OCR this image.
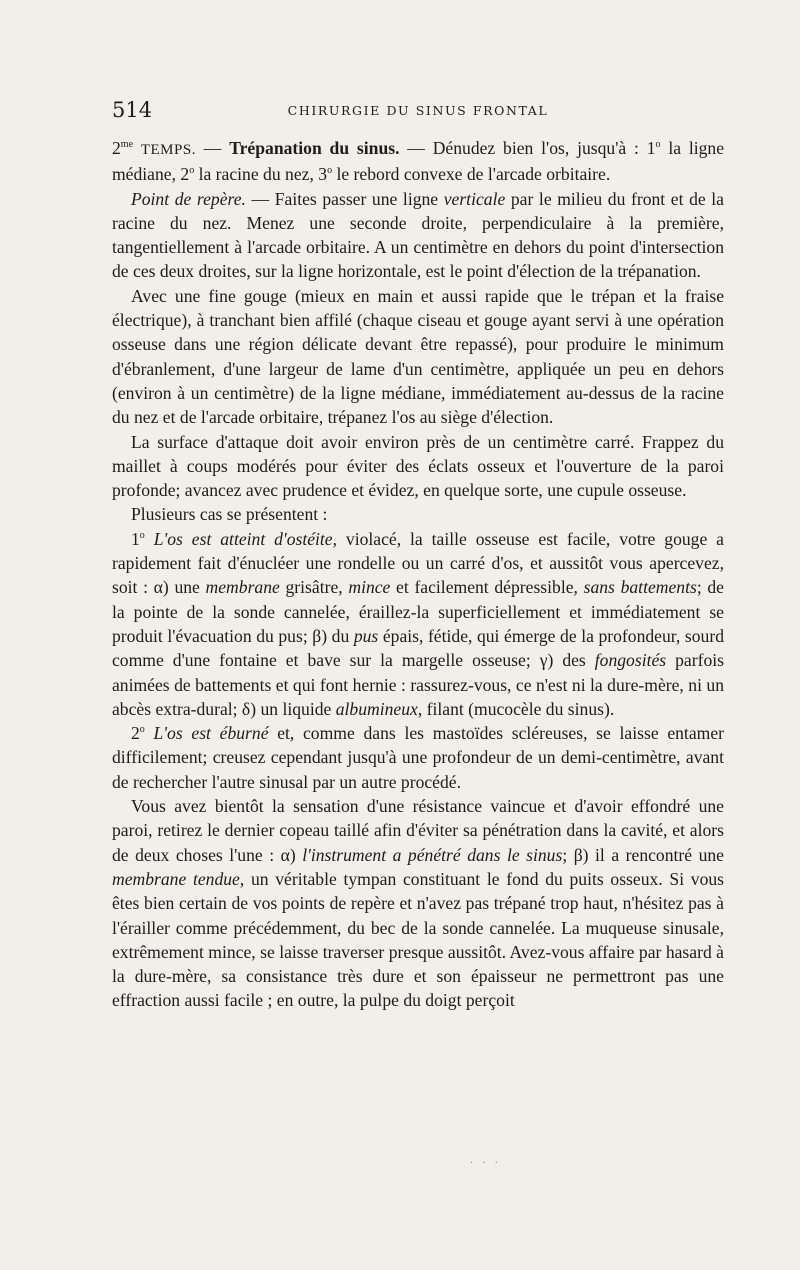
514	CHIRURGIE DU SINUS FRONTAL

$2^{me}$ TEMPS. — Trépanation du sinus. — Dénudez bien l'os, jusqu'à : 1$^o$ la ligne médiane, 2$^o$ la racine du nez, 3$^o$ le rebord convexe de l'arcade orbitaire.

Point de repère. — Faites passer une ligne verticale par le milieu du front et de la racine du nez. Menez une seconde droite, perpendiculaire à la première, tangentiellement à l'arcade orbitaire. A un centimètre en dehors du point d'intersection de ces deux droites, sur la ligne horizontale, est le point d'élection de la trépanation.

Avec une fine gouge (mieux en main et aussi rapide que le trépan et la fraise électrique), à tranchant bien affilé (chaque ciseau et gouge ayant servi à une opération osseuse dans une région délicate devant être repassé), pour produire le minimum d'ébranlement, d'une largeur de lame d'un centimètre, appliquée un peu en dehors (environ à un centimètre) de la ligne médiane, immédiatement au-dessus de la racine du nez et de l'arcade orbitaire, trépanez l'os au siège d'élection.

La surface d'attaque doit avoir environ près de un centimètre carré. Frappez du maillet à coups modérés pour éviter des éclats osseux et l'ouverture de la paroi profonde; avancez avec prudence et évidez, en quelque sorte, une cupule osseuse.

Plusieurs cas se présentent :

1$^o$ L'os est atteint d'ostéite, violacé, la taille osseuse est facile, votre gouge a rapidement fait d'énucléer une rondelle ou un carré d'os, et aussitôt vous apercevez, soit : α) une membrane grisâtre, mince et facilement dépressible, sans battements; de la pointe de la sonde cannelée, éraillez-la superficiellement et immédiatement se produit l'évacuation du pus; β) du pus épais, fétide, qui émerge de la profondeur, sourd comme d'une fontaine et bave sur la margelle osseuse; γ) des fongosités parfois animées de battements et qui font hernie : rassurez-vous, ce n'est ni la dure-mère, ni un abcès extra-dural; δ) un liquide albumineux, filant (mucocèle du sinus).

2$^o$ L'os est éburné et, comme dans les mastoïdes scléreuses, se laisse entamer difficilement; creusez cependant jusqu'à une profondeur de un demi-centimètre, avant de rechercher l'autre sinusal par un autre procédé.

Vous avez bientôt la sensation d'une résistance vaincue et d'avoir effondré une paroi, retirez le dernier copeau taillé afin d'éviter sa pénétration dans la cavité, et alors de deux choses l'une : α) l'instrument a pénétré dans le sinus; β) il a rencontré une membrane tendue, un véritable tympan constituant le fond du puits osseux. Si vous êtes bien certain de vos points de repère et n'avez pas trépané trop haut, n'hésitez pas à l'érailler comme précédemment, du bec de la sonde cannelée. La muqueuse sinusale, extrêmement mince, se laisse traverser presque aussitôt. Avez-vous affaire par hasard à la dure-mère, sa consistance très dure et son épaisseur ne permettront pas une effraction aussi facile ; en outre, la pulpe du doigt perçoit

· · ·
